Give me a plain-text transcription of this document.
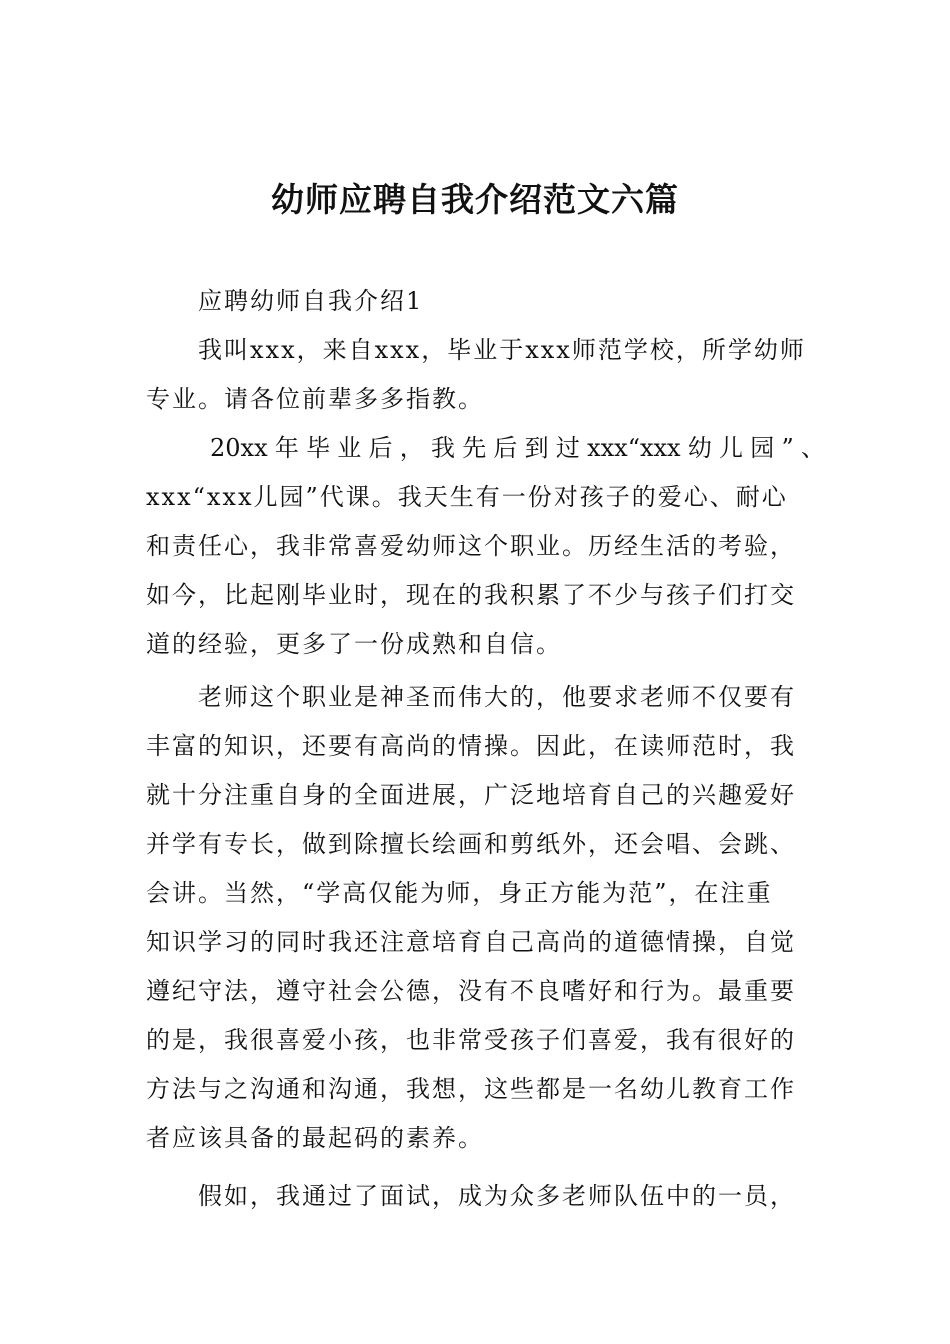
幼师应聘自我介绍范文六篇
应聘幼师自我介绍1
我叫xxx，来自xxx，毕业于xxx师范学校，所学幼师
专业。请各位前辈多多指教。
20xx年毕业后，我先后到过xxx“xxx幼儿园”、
xxx“xxx儿园”代课。我天生有一份对孩子的爱心、耐心
和责任心，我非常喜爱幼师这个职业。历经生活的考验，
如今，比起刚毕业时，现在的我积累了不少与孩子们打交
道的经验，更多了一份成熟和自信。
老师这个职业是神圣而伟大的，他要求老师不仅要有
丰富的知识，还要有高尚的情操。因此，在读师范时，我
就十分注重自身的全面进展，广泛地培育自己的兴趣爱好
并学有专长，做到除擅长绘画和剪纸外，还会唱、会跳、
会讲。当然，“学高仅能为师，身正方能为范”，在注重
知识学习的同时我还注意培育自己高尚的道德情操，自觉
遵纪守法，遵守社会公德，没有不良嗜好和行为。最重要
的是，我很喜爱小孩，也非常受孩子们喜爱，我有很好的
方法与之沟通和沟通，我想，这些都是一名幼儿教育工作
者应该具备的最起码的素养。
假如，我通过了面试，成为众多老师队伍中的一员，
